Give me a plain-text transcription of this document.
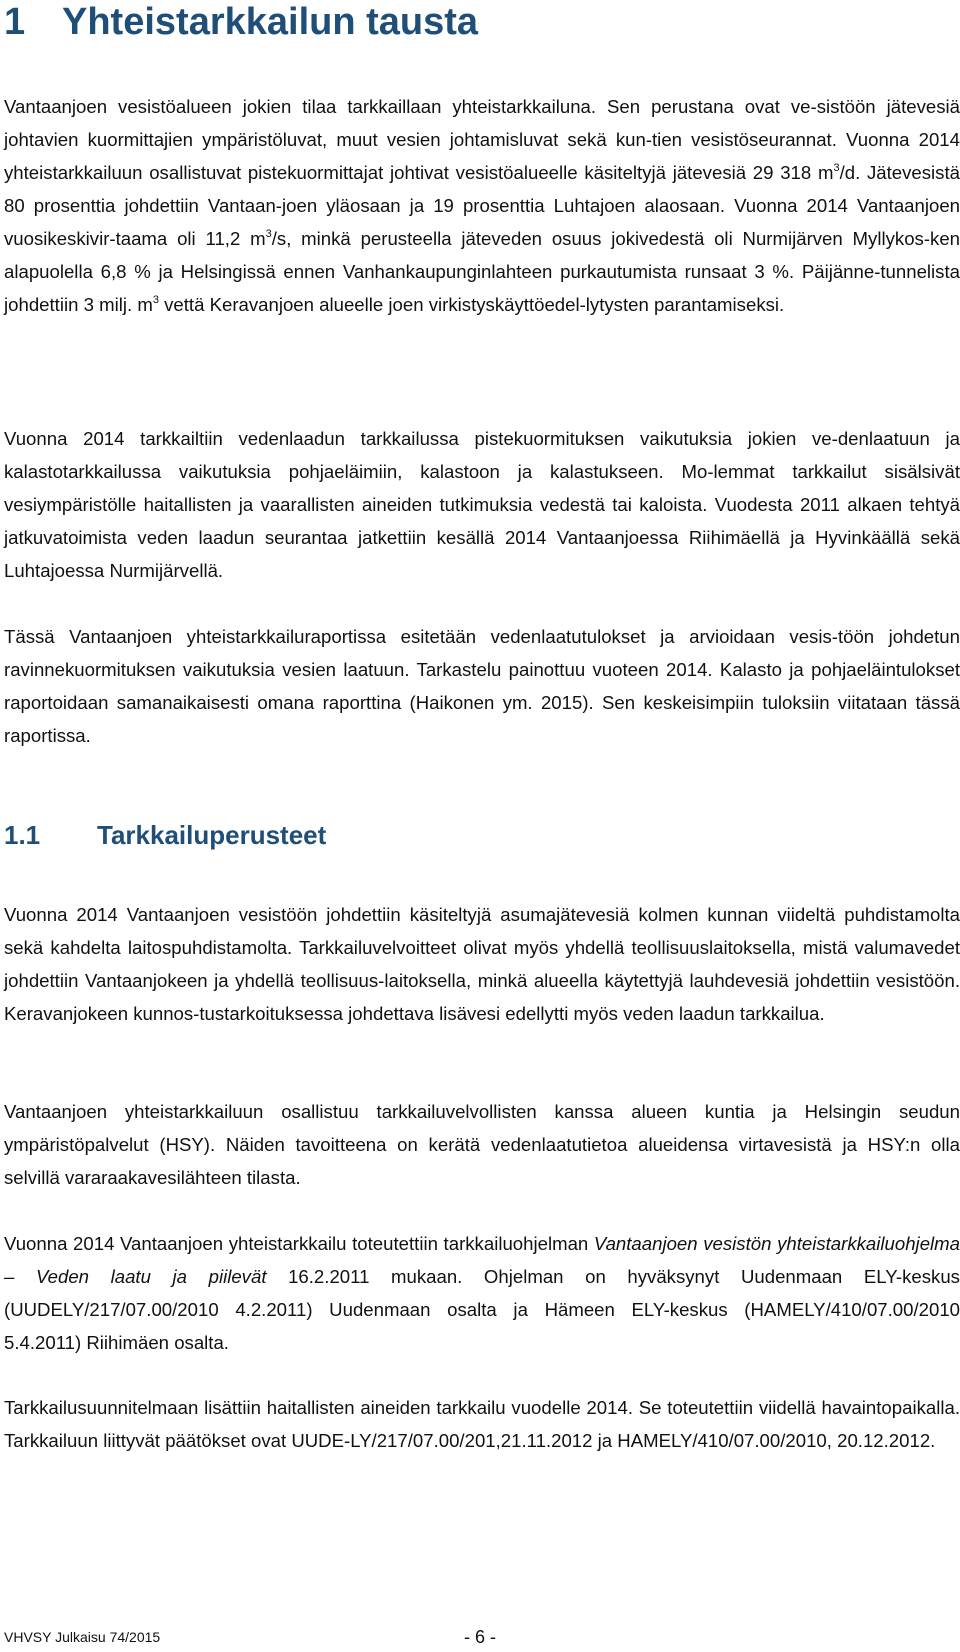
1 Yhteistarkkailun tausta

Vantaanjoen vesistöalueen jokien tilaa tarkkaillaan yhteistarkkailuna. Sen perustana ovat ve-sistöön jätevesiä johtavien kuormittajien ympäristöluvat, muut vesien johtamisluvat sekä kun-tien vesistöseurannat. Vuonna 2014 yhteistarkkailuun osallistuvat pistekuormittajat johtivat vesistöalueelle käsiteltyjä jätevesiä 29 318 $m^3/d$. Jätevesistä 80 prosenttia johdettiin Vantaan-joen yläosaan ja 19 prosenttia Luhtajoen alaosaan. Vuonna 2014 Vantaanjoen vuosikeskivir-taama oli 11,2 $m^3/s$, minkä perusteella jäteveden osuus jokivedestä oli Nurmijärven Myllykos-ken alapuolella 6,8 % ja Helsingissä ennen Vanhankaupunginlahteen purkautumista runsaat 3 %. Päijänne-tunnelista johdettiin 3 milj. $m^3$ vettä Keravanjoen alueelle joen virkistyskäyttöedel-lytysten parantamiseksi.

Vuonna 2014 tarkkailtiin vedenlaadun tarkkailussa pistekuormituksen vaikutuksia jokien ve-denlaatuun ja kalastotarkkailussa vaikutuksia pohjaeläimiin, kalastoon ja kalastukseen. Mo-lemmat tarkkailut sisälsivät vesiympäristölle haitallisten ja vaarallisten aineiden tutkimuksia vedestä tai kaloista. Vuodesta 2011 alkaen tehtyä jatkuvatoimista veden laadun seurantaa jatkettiin kesällä 2014 Vantaanjoessa Riihimäellä ja Hyvinkäällä sekä Luhtajoessa Nurmijärvellä.

Tässä Vantaanjoen yhteistarkkailuraportissa esitetään vedenlaatutulokset ja arvioidaan vesis-töön johdetun ravinnekuormituksen vaikutuksia vesien laatuun. Tarkastelu painottuu vuoteen 2014. Kalasto ja pohjaeläintulokset raportoidaan samanaikaisesti omana raporttina (Haikonen ym. 2015). Sen keskeisimpiin tuloksiin viitataan tässä raportissa.

1.1 Tarkkailuperusteet

Vuonna 2014 Vantaanjoen vesistöön johdettiin käsiteltyjä asumajätevesiä kolmen kunnan viideltä puhdistamolta sekä kahdelta laitospuhdistamolta. Tarkkailuvelvoitteet olivat myös yhdellä teollisuuslaitoksella, mistä valumavedet johdettiin Vantaanjokeen ja yhdellä teollisuus-laitoksella, minkä alueella käytettyjä lauhdevesiä johdettiin vesistöön. Keravanjokeen kunnos-tustarkoituksessa johdettava lisävesi edellytti myös veden laadun tarkkailua.

Vantaanjoen yhteistarkkailuun osallistuu tarkkailuvelvollisten kanssa alueen kuntia ja Helsingin seudun ympäristöpalvelut (HSY). Näiden tavoitteena on kerätä vedenlaatutietoa alueidensa virtavesistä ja HSY:n olla selvillä vararaakavesilähteen tilasta.

Vuonna 2014 Vantaanjoen yhteistarkkailu toteutettiin tarkkailuohjelman Vantaanjoen vesistön yhteistarkkailuohjelma – Veden laatu ja piilevät 16.2.2011 mukaan. Ohjelman on hyväksynyt Uudenmaan ELY-keskus (UUDELY/217/07.00/2010 4.2.2011) Uudenmaan osalta ja Hämeen ELY-keskus (HAMELY/410/07.00/2010 5.4.2011) Riihimäen osalta.

Tarkkailusuunnitelmaan lisättiin haitallisten aineiden tarkkailu vuodelle 2014. Se toteutettiin viidellä havaintopaikalla. Tarkkailuun liittyvät päätökset ovat UUDE-LY/217/07.00/201,21.11.2012 ja HAMELY/410/07.00/2010, 20.12.2012.

VHVSY Julkaisu 74/2015	- 6 -
